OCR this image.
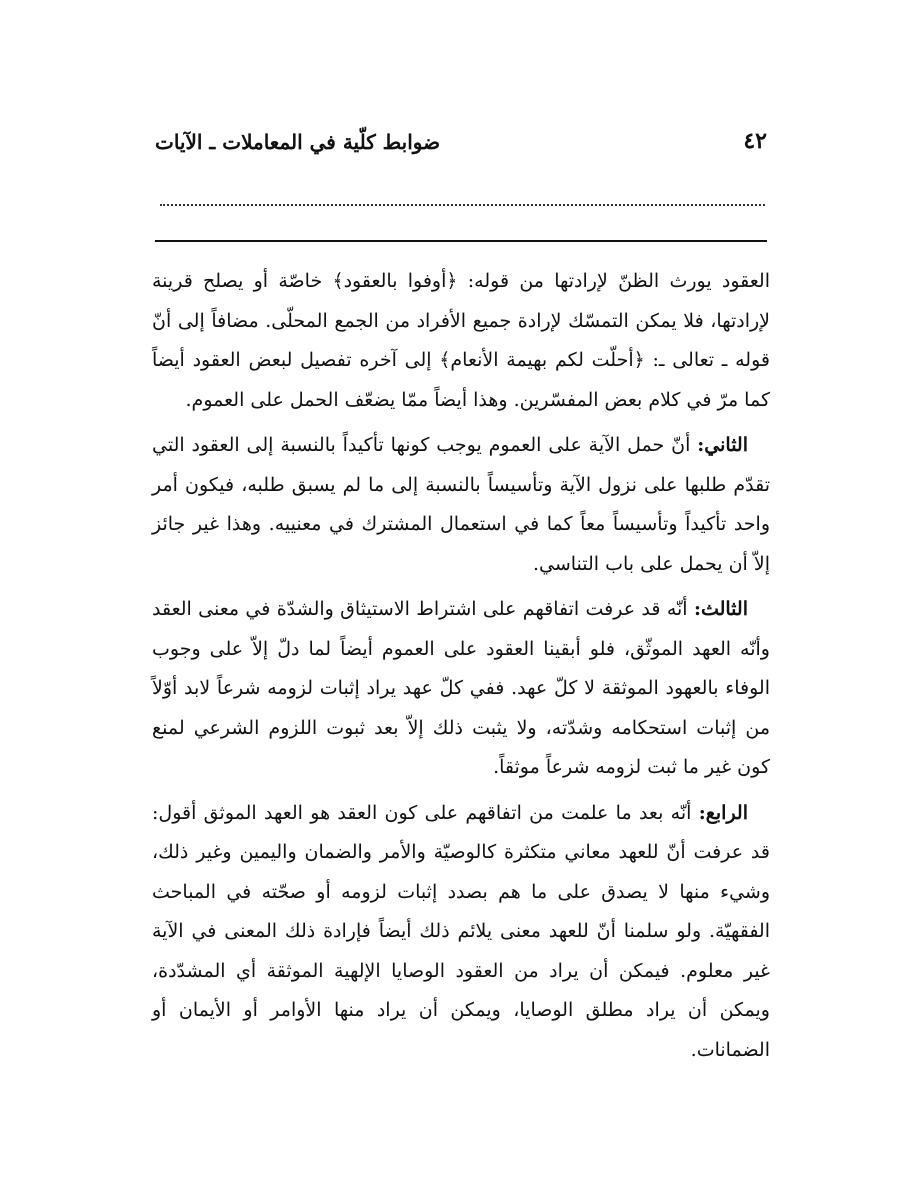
٤٢
ضوابط كلّية في المعاملات ـ الآيات

العقود يورث الظنّ لإرادتها من قوله: ﴿أوفوا بالعقود﴾ خاصّة أو يصلح قرينة لإرادتها، فلا يمكن التمسّك لإرادة جميع الأفراد من الجمع المحلّى. مضافاً إلى أنّ قوله ـ تعالى ـ: ﴿أحلّت لكم بهيمة الأنعام﴾ إلى آخره تفصيل لبعض العقود أيضاً كما مرّ في كلام بعض المفسّرين. وهذا أيضاً ممّا يضعّف الحمل على العموم.

الثاني: أنّ حمل الآية على العموم يوجب كونها تأكيداً بالنسبة إلى العقود التي تقدّم طلبها على نزول الآية وتأسيساً بالنسبة إلى ما لم يسبق طلبه، فيكون أمر واحد تأكيداً وتأسيساً معاً كما في استعمال المشترك في معنييه. وهذا غير جائز إلاّ أن يحمل على باب التناسي.

الثالث: أنّه قد عرفت اتفاقهم على اشتراط الاستيثاق والشدّة في معنى العقد وأنّه العهد الموثّق، فلو أبقينا العقود على العموم أيضاً لما دلّ إلاّ على وجوب الوفاء بالعهود الموثقة لا كلّ عهد. ففي كلّ عهد يراد إثبات لزومه شرعاً لابد أوّلاً من إثبات استحكامه وشدّته، ولا يثبت ذلك إلاّ بعد ثبوت اللزوم الشرعي لمنع كون غير ما ثبت لزومه شرعاً موثقاً.

الرابع: أنّه بعد ما علمت من اتفاقهم على كون العقد هو العهد الموثق أقول: قد عرفت أنّ للعهد معاني متكثرة كالوصيّة والأمر والضمان واليمين وغير ذلك، وشيء منها لا يصدق على ما هم بصدد إثبات لزومه أو صحّته في المباحث الفقهيّة. ولو سلمنا أنّ للعهد معنى يلائم ذلك أيضاً فإرادة ذلك المعنى في الآية غير معلوم. فيمكن أن يراد من العقود الوصايا الإلهية الموثقة أي المشدّدة، ويمكن أن يراد مطلق الوصايا، ويمكن أن يراد منها الأوامر أو الأيمان أو الضمانات.
